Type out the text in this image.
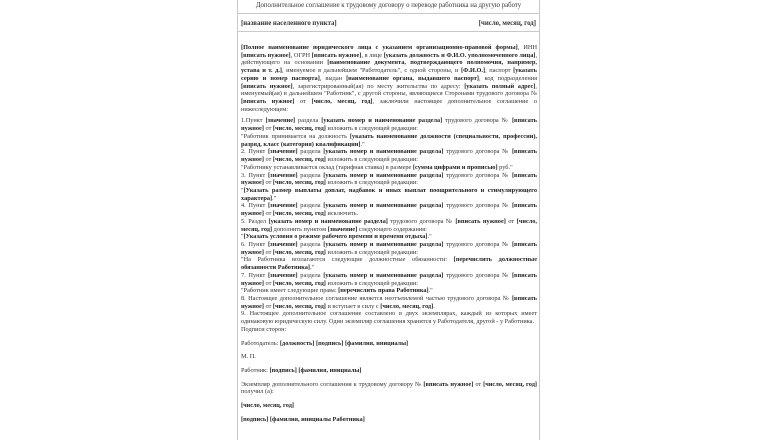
Дополнительное соглашение к трудовому договору о переводе работника на другую работу
[название населенного пункта]	[число, месяц, год]

[Полное наименование юридического лица с указанием организационно-правовой формы], ИНН [вписать нужное], ОГРН [вписать нужное], в лице [указать должность и Ф.И.О. уполномоченного лица], действующего на основании [наименование документа, подтверждающего полномочия, например, устава и т. д.], именуемое в дальнейшем "Работодатель", с одной стороны, и [Ф.И.О.], паспорт [указать серию и номер паспорта], выдан [наименование органа, выдавшего паспорт], код подразделения [вписать нужное], зарегистрированный(ая) по месту жительства по адресу: [указать полный адрес], именуемый(ая) в дальнейшем "Работник", с другой стороны, являющиеся Сторонами трудового договора № [вписать нужное] от [число, месяц, год], заключили настоящее дополнительное соглашение о нижеследующем:

1.Пункт [значение] раздела [указать номер и наименование раздела] трудового договора № [вписать нужное] от [число, месяц, год] изложить в следующей редакции:

"Работник принимается на должность [указать наименование должности (специальности, профессии), разряд, класс (категория) квалификации]."

2. Пункт [значение] раздела [указать номер и наименование раздела] трудового договора № [вписать нужное] от [число, месяц, год] изложить в следующей редакции:

"Работнику устанавливается оклад (тарифная ставка) в размере [сумма цифрами и прописью] руб."

3. Пункт [значение] раздела [указать номер и наименование раздела] трудового договора № [вписать нужное] от [число, месяц, год] изложить в следующей редакции:

"[Указать размер выплаты доплат, надбавок и иных выплат поощрительного и стимулирующего характера]."

4. Пункт [значение] раздела [указать номер и наименование раздела] трудового договора № [вписать нужное] от [число, месяц, год] исключить.

5. Раздел [указать номер и наименование раздела] трудового договора № [вписать нужное] от [число, месяц, год] дополнить пунктом [значение] следующего содержания:

"[Указать условия о режиме рабочего времени и времени отдыха]."

6. Пункт [значение] раздела [указать номер и наименование раздела] трудового договора № [вписать нужное] от [число, месяц, год] изложить в следующей редакции:

"На Работника возлагаются следующие должностные обязанности: [перечислить должностные обязанности Работника]."

7. Пункт [значение] раздела [указать номер и наименование раздела] трудового договора № [вписать нужное] от [число, месяц, год] изложить в следующей редакции:

"Работник имеет следующие права: [перечислить права Работника]."

8. Настоящее дополнительное соглашение является неотъемлемой частью трудового договора № [вписать нужное] от [число, месяц, год] и вступает в силу с [число, месяц, год].

9. Настоящее дополнительное соглашение составлено в двух экземплярах, каждый из которых имеет одинаковую юридическую силу. Один экземпляр соглашения хранится у Работодателя, другой - у Работника.

Подписи сторон:

Работодатель: [должность] [подпись] [фамилия, инициалы]

М. П.

Работник: [подпись] [фамилия, инициалы]

Экземпляр дополнительного соглашения к трудовому договору № [вписать нужное] от [число, месяц, год] получил (а):

[число, месяц, год]

[подпись] [фамилия, инициалы Работника]
